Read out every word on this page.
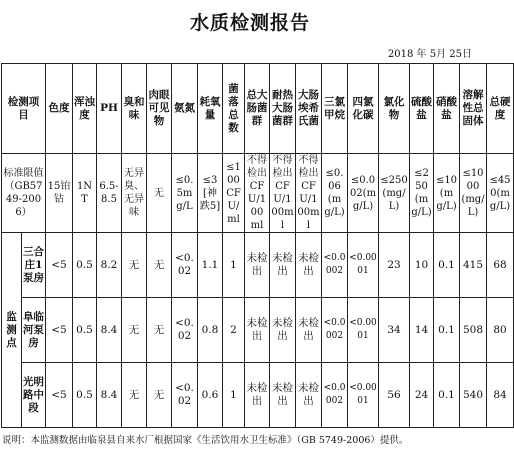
水质检测报告
2018 年 5月 25日
检测项目		色度	浑浊度	PH	臭和味	肉眼可见物	氨氮	耗氧量	菌落总数	总大肠菌群	耐热大肠菌群	大肠埃希氏菌	三氯甲烷	四氯化碳	氯化物	硫酸盐	硝酸盐	溶解性总固体	总硬度
标准限值（GB5749-2006）		15铂钴	1NT	6.5-8.5	无异臭、无异味	无	≤0.5mg/L	≤3[神跌5]	≤100CFU/ml	不得检出CFU/100ml	不得检出CFU/100ml	不得检出CFU/100ml	≤0.06(mg/L)	≤0.002(mg/L)	≤250(mg/L)	≤250(mg/L)	≤10(mg/L)	≤1000(mg/L)	≤450(mg/L)
监测点	三合庄1泵房	<5	0.5	8.2	无	无	<0.02	1.1	1	未检出	未检出	未检出	<0.0002	<0.0001	23	10	0.1	415	68
	阜临河泵房	<5	0.5	8.4	无	无	<0.02	0.8	2	未检出	未检出	未检出	<0.0002	<0.0001	34	14	0.1	508	80
	光明路中段	<5	0.5	8.4	无	无	<0.02	0.6	1	未检出	未检出	未检出	<0.0002	<0.0001	56	24	0.1	540	84
说明：本监测数据由临泉县自来水厂根据国家《生活饮用水卫生标准》（GB 5749-2006）提供。
